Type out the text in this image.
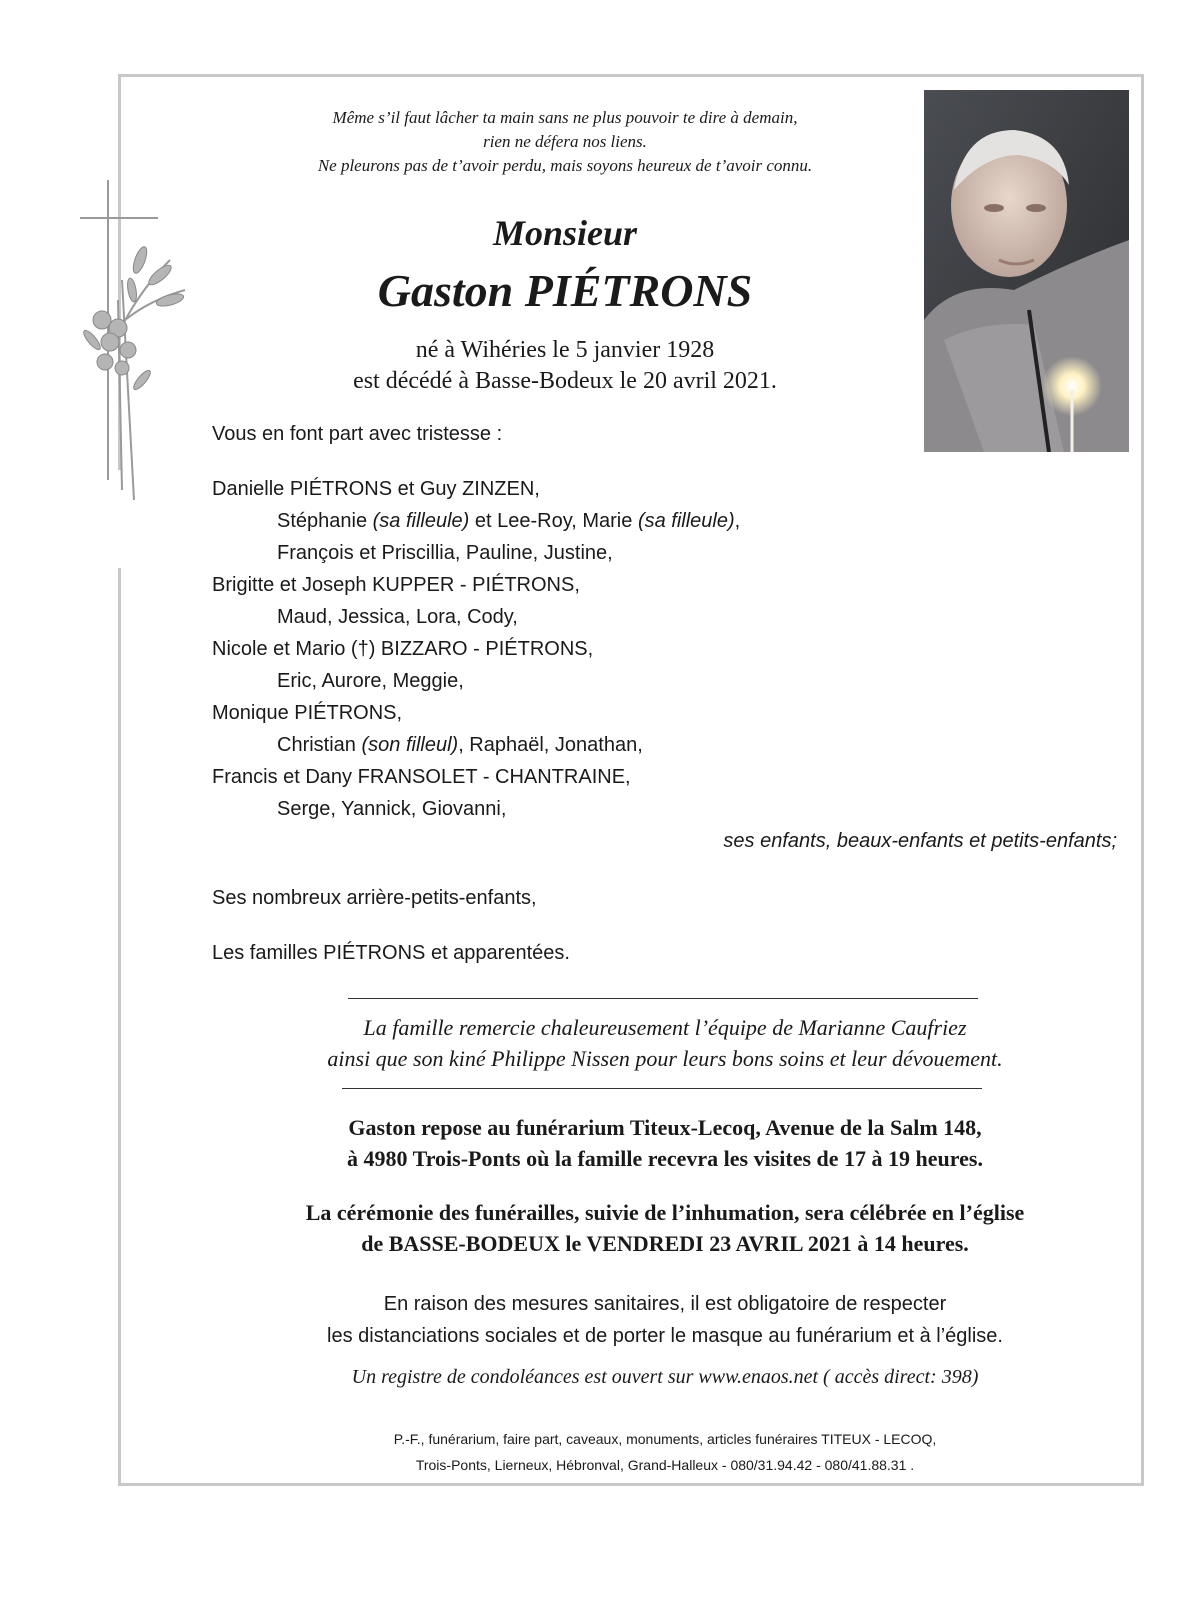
Même s’il faut lâcher ta main sans ne plus pouvoir te dire à demain,
rien ne défera nos liens.
Ne pleurons pas de t’avoir perdu, mais soyons heureux de t’avoir connu.
Monsieur
Gaston PIÉTRONS
né à Wihéries le 5 janvier 1928
est décédé à Basse-Bodeux le 20 avril 2021.
Vous en font part avec tristesse :
Danielle PIÉTRONS et Guy ZINZEN,
Stéphanie (sa filleule) et Lee-Roy, Marie (sa filleule),
François et Priscillia, Pauline, Justine,
Brigitte et Joseph KUPPER - PIÉTRONS,
Maud, Jessica, Lora, Cody,
Nicole et Mario (†) BIZZARO - PIÉTRONS,
Eric, Aurore, Meggie,
Monique PIÉTRONS,
Christian (son filleul), Raphaël, Jonathan,
Francis et Dany FRANSOLET - CHANTRAINE,
Serge, Yannick, Giovanni,
ses enfants, beaux-enfants et petits-enfants;
Ses nombreux arrière-petits-enfants,
Les familles PIÉTRONS et apparentées.
La famille remercie chaleureusement l’équipe de Marianne Caufriez
ainsi que son kiné Philippe Nissen pour leurs bons soins et leur dévouement.
Gaston repose au funérarium Titeux-Lecoq, Avenue de la Salm 148,
à 4980 Trois-Ponts où la famille recevra les visites de 17 à 19 heures.
La cérémonie des funérailles, suivie de l’inhumation, sera célébrée en l’église
de BASSE-BODEUX le VENDREDI 23 AVRIL 2021 à 14 heures.
En raison des mesures sanitaires, il est obligatoire de respecter
les distanciations sociales et de porter le masque au funérarium et à l’église.
Un registre de condoléances est ouvert sur www.enaos.net ( accès direct: 398)
P.-F., funérarium, faire part, caveaux, monuments, articles funéraires TITEUX - LECOQ,
Trois-Ponts, Lierneux, Hébronval, Grand-Halleux - 080/31.94.42 - 080/41.88.31 .
